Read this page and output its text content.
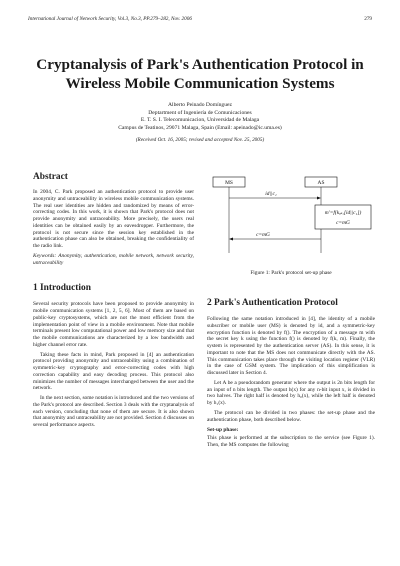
International Journal of Network Security, Vol.3, No.3, PP.279–282, Nov. 2006	279
Cryptanalysis of Park's Authentication Protocol in Wireless Mobile Communication Systems
Alberto Peinado Domínguez
Deptartment of Ingeniería de Comunicaciones
E. T. S. I. Telecomunicacion, Universidad de Malaga
Campus de Teatinos, 29071 Malaga, Spain (Email: apeinado@ic.uma.es)
(Received Oct. 16, 2005; revised and accepted Nov. 25, 2005)
Abstract

In 2004, C. Park proposed an authentication protocol to provide user anonymity and untraceability in wireless mobile communication systems. The real user identities are hidden and randomized by means of error-correcting codes. In this work, it is shown that Park's protocol does not provide anonymity and untraceability. More precisely, the users real identities can be obtained easily by an eavesdropper. Furthermore, the protocol is not secure since the session key established in the authentication phase can also be obtained, breaking the confidentiality of the radio link.

Keywords: Anonymity, authentication, mobile network, network security, untraceability

1 Introduction

Several security protocols have been proposed to provide anonymity in mobile communication systems [1, 2, 5, 6]. Most of them are based on public-key cryptosystems, which are not the most efficient from the implementation point of view in a mobile environment. Note that mobile terminals present low computational power and low memory size and that the mobile communications are characterized by a low bandwidth and higher channel error rate.

Taking these facts in mind, Park proposed in [4] an authentication protocol providing anonymity and untraceability using a combination of symmetric-key cryptography and error-correcting codes with high correction capability and easy decoding process. This protocol also minimizes the number of messages interchanged between the user and the network.

In the next section, some notation is introduced and the two versions of the Park's protocol are described. Section 3 deals with the cryptanalysis of each version, concluding that none of them are secure. It is also shown that anonymity and untraceability are not provided. Section 4 discusses on several performance aspects.

MS	AS
id||c₁
m'=f(kₐₛ,[id||c₁])
c=mG
c=mG
Figure 1: Park's protocol set-up phase
2 Park's Authentication Protocol

Following the same notation introduced in [4], the identity of a mobile subscriber or mobile user (MS) is denoted by id, and a symmetric-key encryption function is denoted by f(). The encryption of a message m with the secret key k using the function f() is denoted by f(k, m). Finally, the system is represented by the authentication server (AS). In this sense, it is important to note that the MS does not communicate directly with the AS. This communication takes place through the visiting location register (VLR) in the case of GSM system. The implication of this simplification is discussed later in Section 4.

Let A be a pseudorandom generator where the output is 2n bits length for an input of n bits length. The output h(x) for any n-bit input x, is divided in two halves. The right half is denoted by h₀(x), while the left half is denoted by h₁(x).

The protocol can be divided in two phases: the set-up phase and the authentication phase, both described below.

Set-up phase:

This phase is performed at the subscription to the service (see Figure 1). Then, the MS computes the following
